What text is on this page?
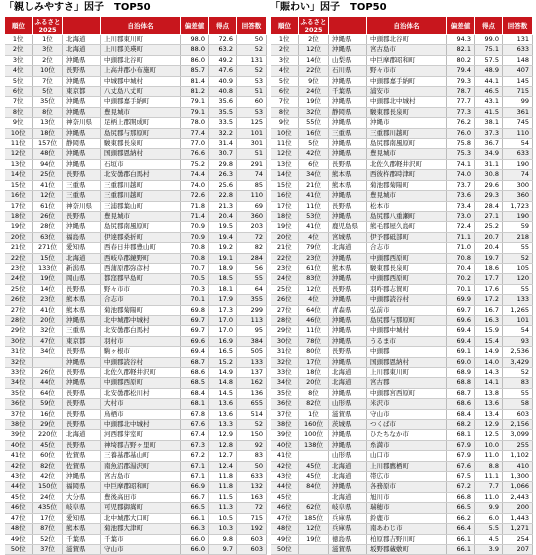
「親しみやすさ」因子　TOP50
順位	ふるさと
2025		自治体名	偏差値	得点	回答数
1位	1位	北海道	上川郡東川町	98.0	72.6	50
2位	3位	北海道	上川郡美瑛町	88.0	63.2	52
3位	2位	沖縄県	中頭郡北谷町	86.0	49.2	131
4位	10位	長野県	上高井郡小布施町	85.7	47.6	52
5位	7位	沖縄県	中城郡中城村	81.4	40.9	53
6位	5位	東京都	八丈島八丈町	81.2	40.8	51
7位	35位	沖縄県	中頭郡嘉手納町	79.1	35.6	60
8位	8位	沖縄県	豊見城市	79.1	35.5	53
9位	13位	神奈川県	足柄上郡開成町	78.0	33.5	125
10位	18位	沖縄県	島尻郡与那原町	77.4	32.2	101
11位	157位	静岡県	駿東郡長泉町	77.0	31.4	301
12位	48位	沖縄県	国頭郡恩納村	76.6	30.7	51
13位	94位	沖縄県	石垣市	75.2	29.8	291
14位	25位	長野県	北安曇郡白馬村	74.4	26.3	74
15位	41位	三重県	三重郡川越町	74.0	25.6	85
16位	12位	三重県	三重郡川越町	72.6	22.8	110
17位	61位	神奈川県	三浦郡葉山町	71.8	21.3	69
18位	26位	長野県	豊見城市	71.4	20.4	360
19位	28位	沖縄県	島尻郡南風原町	70.9	19.5	203
20位	63位	福島県	伊達郡桑折町	70.9	19.4	72
21位	271位	愛知県	西春日井郡豊山町	70.8	19.2	82
22位	15位	北海道	西岐阜郡鏡野町	70.8	19.1	284
23位	133位	新潟県	西蒲原郡弥彦村	70.7	18.9	56
24位	19位	岡山県	都窪郡早島町	70.5	18.5	55
25位	14位	長野県	野々市市	70.3	18.1	64
26位	23位	熊本県	合志市	70.1	17.9	355
27位	41位	熊本県	菊池郡菊陽町	69.8	17.3	299
28位	20位	沖縄県	北中城郡中城村	69.7	17.0	113
29位	32位	三重県	北安曇郡白馬村	69.7	17.0	95
30位	47位	東京都	羽村市	69.6	16.9	384
31位	34位	長野県	駒ヶ根市	69.4	16.5	505
32位		沖縄県	中頭郡読谷村	68.7	15.2	133
33位	26位	長野県	北佐久郡軽井沢町	68.6	14.9	137
34位	44位	沖縄県	中頭郡西原町	68.5	14.8	162
35位	64位	長野県	北安曇郡松川村	68.4	14.5	136
36位	59位	長野県	大村市	68.1	13.6	655
37位	16位	長野県	鳥栖市	67.8	13.6	514
38位	29位	長野県	中頭郡北中城村	67.6	13.3	52
39位	220位	北海道	河西郡芽室町	67.4	12.9	150
40位	45位	長野県	神埼郡吉野ヶ里町	67.3	12.8	92
41位	60位	佐賀県	三養基郡基山町	67.2	12.7	83
42位	82位	佐賀県	南魚沼郡湯沢町	67.1	12.4	50
43位	42位	沖縄県	宮古島市	67.1	11.8	633
44位	150位	福岡県	中巨摩郡昭和町	66.9	11.8	132
45位	24位	大分県	豊後高田市	66.7	11.5	163
46位	435位	岐阜県	可児郡御嵩町	66.5	11.3	72
47位	17位	愛知県	北中城郡大口町	66.1	10.5	715
48位	87位	熊本県	菊池郡大津町	66.3	10.3	192
49位	52位	千葉県	千葉市	66.0	9.8	603
50位	37位	滋賀県	守山市	66.0	9.7	603
「賑わい」因子　TOP50
順位	ふるさと
2025		自治体名	偏差値	得点	回答数
1位	2位	沖縄県	中頭郡北谷町	94.3	99.0	131
2位	12位	沖縄県	宮古島市	82.1	75.1	633
3位	14位	山梨県	中巨摩郡昭和町	80.2	57.5	148
4位	22位	石川県	野々市市	79.4	48.9	407
5位	9位	沖縄県	中頭郡嘉手納町	79.3	44.1	145
6位	24位	千葉県	浦安市	78.7	46.5	715
7位	19位	沖縄県	中頭郡北中城村	77.7	43.1	99
8位	32位	静岡県	駿東郡長泉町	77.3	41.5	361
9位	55位	沖縄県	沖縄市	76.2	38.1	745
10位	16位	三重県	三重郡川越町	76.0	37.3	110
11位	5位	沖縄県	島尻郡南風原町	75.8	36.7	54
12位	42位	沖縄県	豊見城市	75.3	34.9	633
13位	6位	長野県	北佐久郡軽井沢町	74.1	31.1	190
14位	34位	熊本県	西彼杵郡時津町	74.0	30.8	74
15位	21位	熊本県	菊池郡菊陽町	73.7	29.6	300
16位	41位	沖縄県	豊見城市	73.6	29.3	360
17位	11位	長野県	松本市	73.4	28.4	1,723
18位	53位	沖縄県	島尻郡八重瀬町	73.0	27.1	190
19位	41位	鹿児島県	熊毛郡屋久島町	72.4	25.2	59
20位	4位	宮城県	伊予郡砥部町	71.1	20.7	218
21位	79位	北海道	合志市	71.0	20.4	55
22位	23位	沖縄県	中頭郡西原町	70.8	19.7	52
23位	61位	熊本県	駿東郡長泉町	70.4	18.6	105
24位	83位	沖縄県	中頭郡西原町	70.2	17.7	120
25位	12位	長野県	羽咋郡志賀町	70.1	17.6	55
26位	4位	沖縄県	中頭郡読谷村	69.9	17.2	133
27位	64位	青森県	弘前市	69.7	16.7	1,265
28位	46位	沖縄県	島尻郡与那原町	69.6	16.3	101
29位	11位	沖縄県	中頭郡中城村	69.4	15.9	54
30位	78位	沖縄県	うるま市	69.4	15.4	93
31位	80位	長野県	中頭郡	69.1	14.9	2,536
32位	17位	沖縄県	国頭郡恩納村	69.0	14.0	3,429
33位	18位	北海道	上川郡東川町	68.9	14.3	52
34位	20位	北海道	宮古郡	68.8	14.1	83
35位	8位	沖縄県	中頭郡宮西原町	68.7	13.8	55
36位	82位	山形県	米沢市	68.6	13.6	58
37位	1位	滋賀県	守山市	68.4	13.4	603
38位	160位	茨城県	つくば市	68.2	12.9	2,156
39位	100位	沖縄県	ひたちなか市	68.1	12.5	3,099
40位	138位	沖縄県	糸満市	67.9	10.0	255
41位		山形県	山口市	67.9	11.0	1,102
42位	45位	北海道	上川郡鷹栖町	67.6	8.8	410
43位	45位	北海道	帯広市	67.5	11.1	1,300
44位	84位	沖縄県	各務原市	67.2	7.7	1,066
45位		北海道	旭川市	66.8	11.0	2,443
46位	62位	岐阜県	瑞穂市	66.5	9.9	200
47位	185位	兵庫県	鈴鹿市	66.2	6.0	1,443
48位	12位	兵庫県	南あわじ市	66.4	5.5	1,271
49位	19位	徳島県	柏原郡吉野川町	66.1	4.5	254
50位		滋賀県	坂野郡蔵敷町	66.1	3.9	207
